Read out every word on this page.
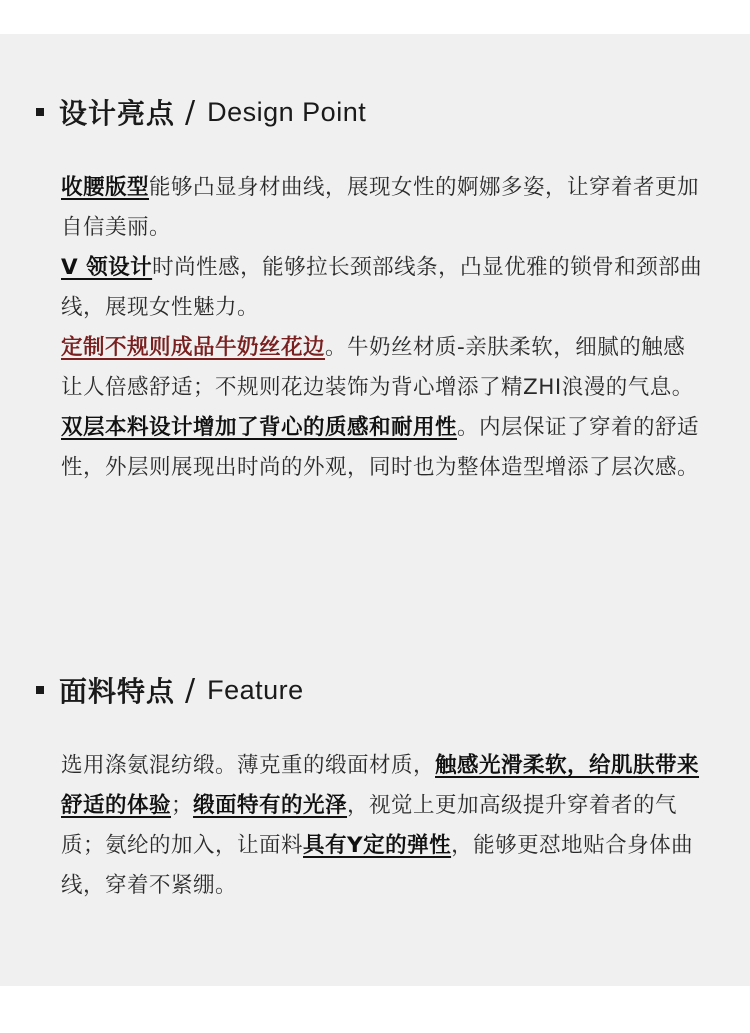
设计亮点 / Design Point

收腰版型能够凸显身材曲线，展现女性的婀娜多姿，让穿着者更加自信美丽。

V 领设计时尚性感，能够拉长颈部线条，凸显优雅的锁骨和颈部曲线，展现女性魅力。

定制不规则成品牛奶丝花边。牛奶丝材质-亲肤柔软，细腻的触感让人倍感舒适；不规则花边装饰为背心增添了精ZHI浪漫的气息。

双层本料设计增加了背心的质感和耐用性。内层保证了穿着的舒适性，外层则展现出时尚的外观，同时也为整体造型增添了层次感。

面料特点 / Feature

选用涤氨混纺缎。薄克重的缎面材质，触感光滑柔软，给肌肤带来舒适的体验；缎面特有的光泽，视觉上更加高级提升穿着者的气质；氨纶的加入，让面料具有Y定的弹性，能够更怼地贴合身体曲线，穿着不紧绷。
